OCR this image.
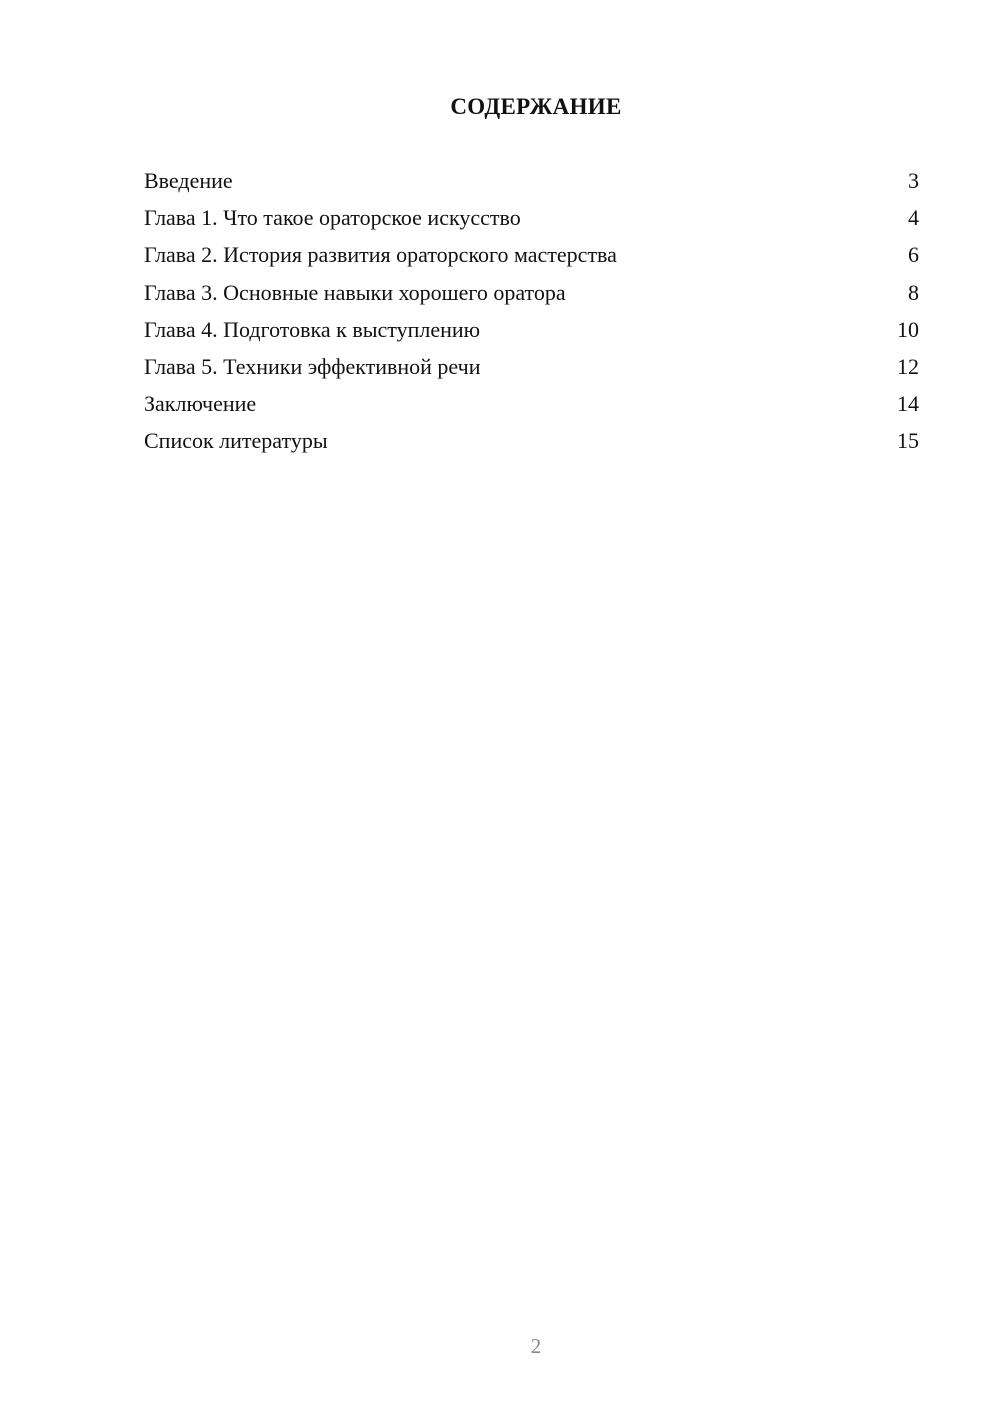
СОДЕРЖАНИЕ
Введение	3
Глава 1. Что такое ораторское искусство	4
Глава 2. История развития ораторского мастерства	6
Глава 3. Основные навыки хорошего оратора	8
Глава 4. Подготовка к выступлению	10
Глава 5. Техники эффективной речи	12
Заключение	14
Список литературы	15
2
